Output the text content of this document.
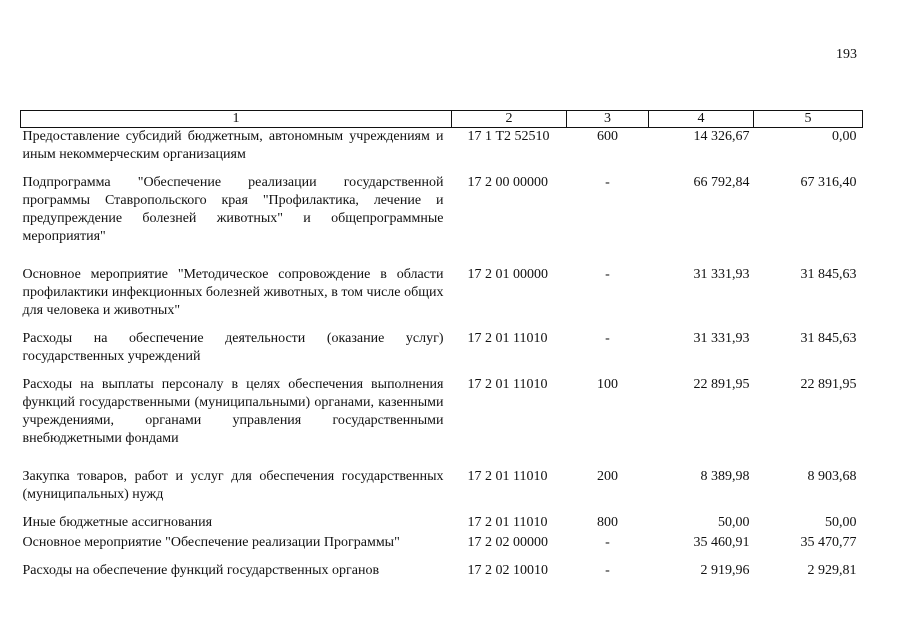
193
1	2	3	4	5
Предоставление субсидий бюджетным, автономным учреждениям и иным некоммерческим организациям	17 1 Т2 52510	600	14 326,67	0,00
Подпрограмма "Обеспечение реализации государственной программы Ставропольского края "Профилактика, лечение и предупреждение болезней животных" и общепрограммные мероприятия"	17 2 00 00000	-	66 792,84	67 316,40
Основное мероприятие "Методическое сопровождение в области профилактики инфекционных болезней животных, в том числе общих для человека и животных"	17 2 01 00000	-	31 331,93	31 845,63
Расходы на обеспечение деятельности (оказание услуг) государственных учреждений	17 2 01 11010	-	31 331,93	31 845,63
Расходы на выплаты персоналу в целях обеспечения выполнения функций государственными (муниципальными) органами, казенными учреждениями, органами управления государственными внебюджетными фондами	17 2 01 11010	100	22 891,95	22 891,95
Закупка товаров, работ и услуг для обеспечения государственных (муниципальных) нужд	17 2 01 11010	200	8 389,98	8 903,68
Иные бюджетные ассигнования	17 2 01 11010	800	50,00	50,00
Основное мероприятие "Обеспечение реализации Программы"	17 2 02 00000	-	35 460,91	35 470,77
Расходы на обеспечение функций государственных органов	17 2 02 10010	-	2 919,96	2 929,81
